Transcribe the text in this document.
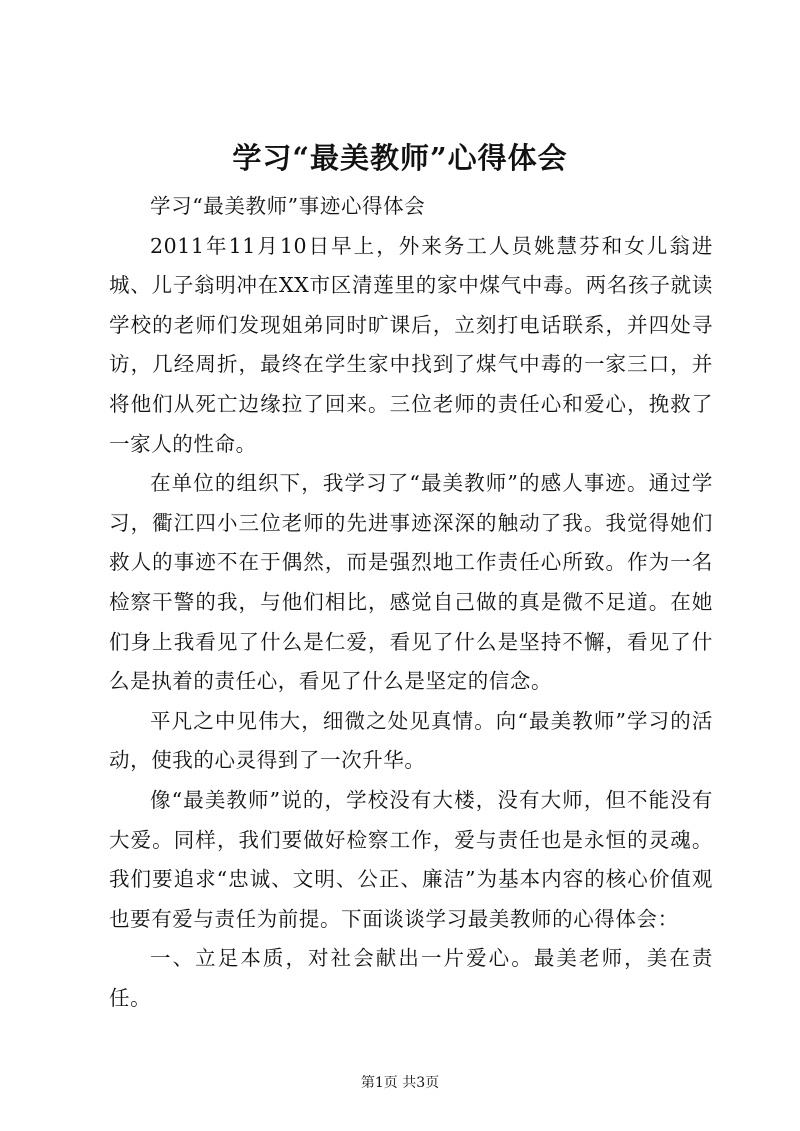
学习“最美教师”心得体会

学习“最美教师”事迹心得体会

2011年11月10日早上，外来务工人员姚慧芬和女儿翁进城、儿子翁明冲在XX市区清莲里的家中煤气中毒。两名孩子就读学校的老师们发现姐弟同时旷课后，立刻打电话联系，并四处寻访，几经周折，最终在学生家中找到了煤气中毒的一家三口，并将他们从死亡边缘拉了回来。三位老师的责任心和爱心，挽救了一家人的性命。

在单位的组织下，我学习了“最美教师”的感人事迹。通过学习，衢江四小三位老师的先进事迹深深的触动了我。我觉得她们救人的事迹不在于偶然，而是强烈地工作责任心所致。作为一名检察干警的我，与他们相比，感觉自己做的真是微不足道。在她们身上我看见了什么是仁爱，看见了什么是坚持不懈，看见了什么是执着的责任心，看见了什么是坚定的信念。

平凡之中见伟大，细微之处见真情。向“最美教师”学习的活动，使我的心灵得到了一次升华。

像“最美教师”说的，学校没有大楼，没有大师，但不能没有大爱。同样，我们要做好检察工作，爱与责任也是永恒的灵魂。我们要追求“忠诚、文明、公正、廉洁”为基本内容的核心价值观也要有爱与责任为前提。下面谈谈学习最美教师的心得体会：

一、立足本质，对社会献出一片爱心。最美老师，美在责任。

第1页 共3页
